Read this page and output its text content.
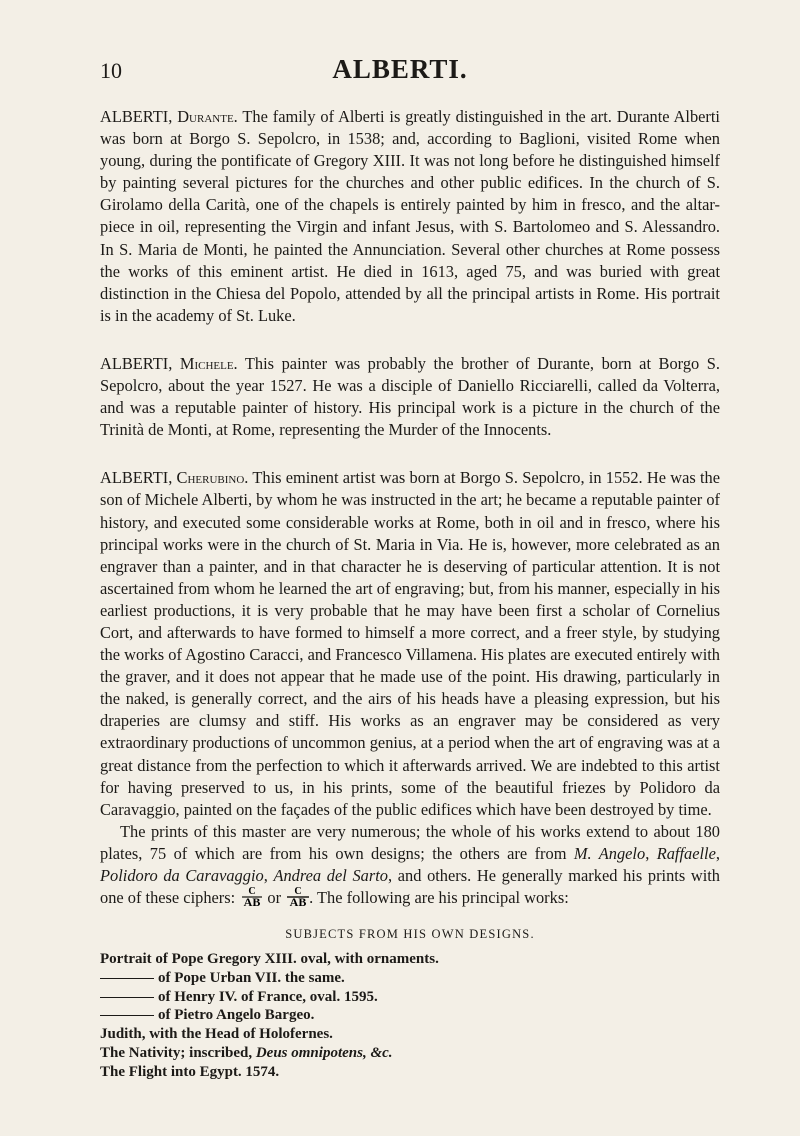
10	ALBERTI.

ALBERTI, Durante. The family of Alberti is greatly distinguished in the art. Durante Alberti was born at Borgo S. Sepolcro, in 1538; and, according to Baglioni, visited Rome when young, during the pontificate of Gregory XIII. It was not long before he distinguished himself by painting several pictures for the churches and other public edifices. In the church of S. Girolamo della Carità, one of the chapels is entirely painted by him in fresco, and the altar-piece in oil, representing the Virgin and infant Jesus, with S. Bartolomeo and S. Alessandro. In S. Maria de Monti, he painted the Annunciation. Several other churches at Rome possess the works of this eminent artist. He died in 1613, aged 75, and was buried with great distinction in the Chiesa del Popolo, attended by all the principal artists in Rome. His portrait is in the academy of St. Luke.

ALBERTI, Michele. This painter was probably the brother of Durante, born at Borgo S. Sepolcro, about the year 1527. He was a disciple of Daniello Ricciarelli, called da Volterra, and was a reputable painter of history. His principal work is a picture in the church of the Trinità de Monti, at Rome, representing the Murder of the Innocents.

ALBERTI, Cherubino. This eminent artist was born at Borgo S. Sepolcro, in 1552. He was the son of Michele Alberti, by whom he was instructed in the art; he became a reputable painter of history, and executed some considerable works at Rome, both in oil and in fresco, where his principal works were in the church of St. Maria in Via. He is, however, more celebrated as an engraver than a painter, and in that character he is deserving of particular attention. It is not ascertained from whom he learned the art of engraving; but, from his manner, especially in his earliest productions, it is very probable that he may have been first a scholar of Cornelius Cort, and afterwards to have formed to himself a more correct, and a freer style, by studying the works of Agostino Caracci, and Francesco Villamena. His plates are executed entirely with the graver, and it does not appear that he made use of the point. His drawing, particularly in the naked, is generally correct, and the airs of his heads have a pleasing expression, but his draperies are clumsy and stiff. His works as an engraver may be considered as very extraordinary productions of uncommon genius, at a period when the art of engraving was at a great distance from the perfection to which it afterwards arrived. We are indebted to this artist for having preserved to us, in his prints, some of the beautiful friezes by Polidoro da Caravaggio, painted on the façades of the public edifices which have been destroyed by time.

The prints of this master are very numerous; the whole of his works extend to about 180 plates, 75 of which are from his own designs; the others are from M. Angelo, Raffaelle, Polidoro da Caravaggio, Andrea del Sarto, and others. He generally marked his prints with one of these ciphers: C
AB or C
AB . The following are his principal works:

SUBJECTS FROM HIS OWN DESIGNS.
Portrait of Pope Gregory XIII. oval, with ornaments.
of Pope Urban VII. the same.
of Henry IV. of France, oval. 1595.
of Pietro Angelo Bargeo.
Judith, with the Head of Holofernes.
The Nativity; inscribed, Deus omnipotens, &c.
The Flight into Egypt. 1574.
